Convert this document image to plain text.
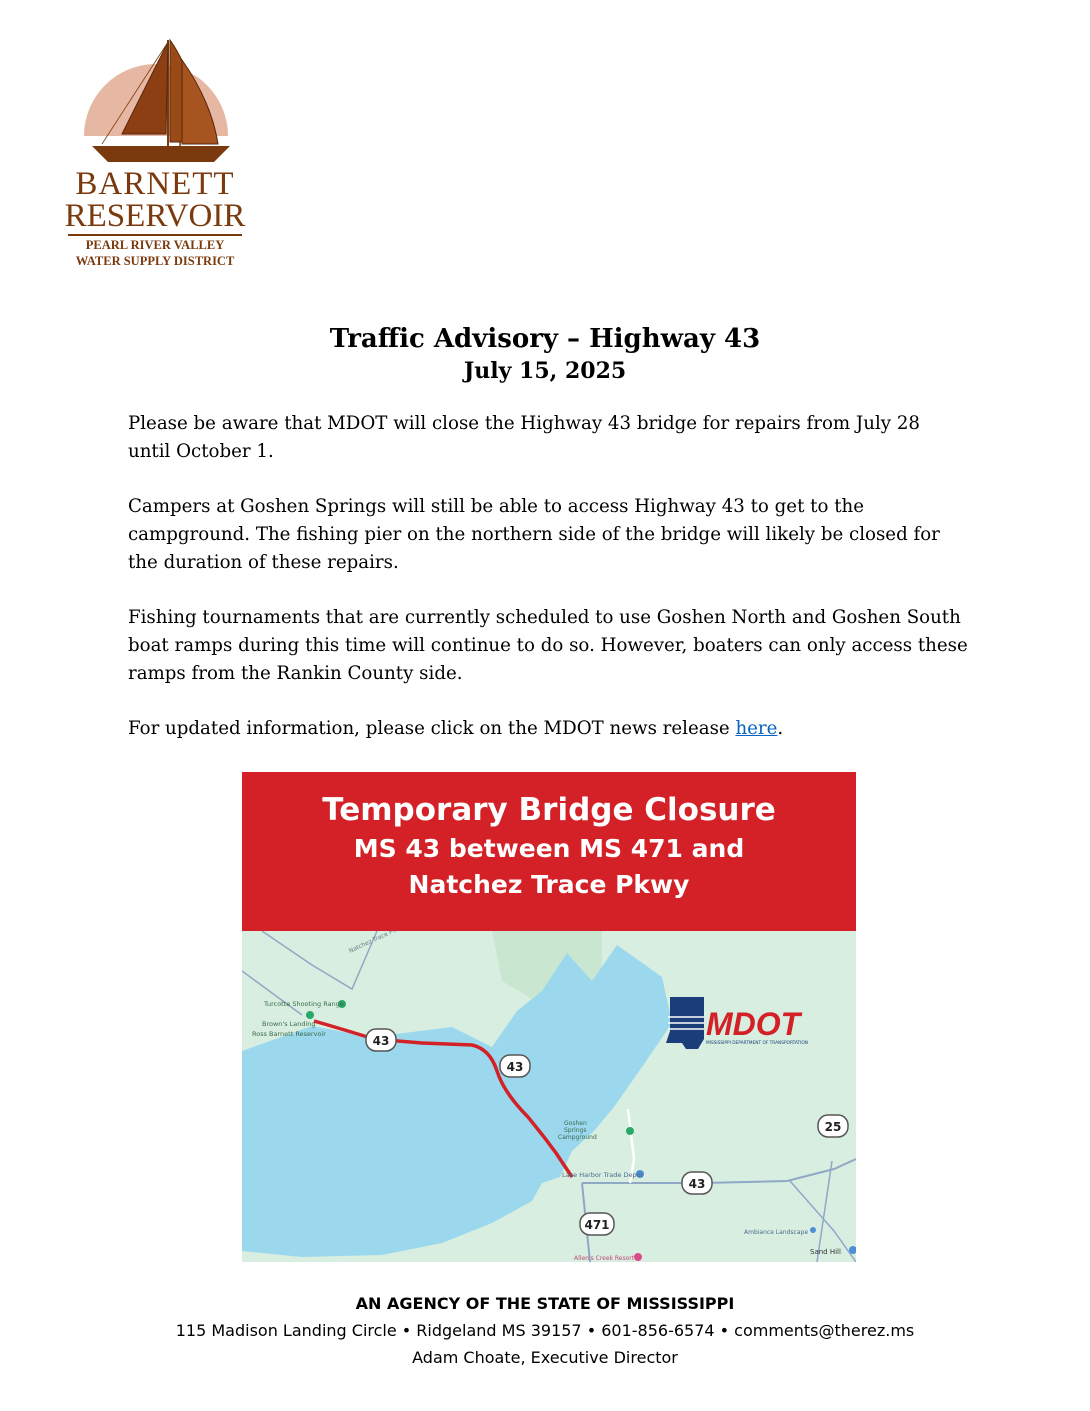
BARNETT
RESERVOIR
PEARL RIVER VALLEY
WATER SUPPLY DISTRICT
Traffic Advisory – Highway 43
July 15, 2025

Please be aware that MDOT will close the Highway 43 bridge for repairs from July 28 until October 1.

Campers at Goshen Springs will still be able to access Highway 43 to get to the campground. The fishing pier on the northern side of the bridge will likely be closed for the duration of these repairs.

Fishing tournaments that are currently scheduled to use Goshen North and Goshen South boat ramps during this time will continue to do so. However, boaters can only access these ramps from the Rankin County side.

For updated information, please click on the MDOT news release here.

Temporary Bridge Closure
MS 43 between MS 471 and
Natchez Trace Pkwy
Turcotte Shooting Range
Brown's Landing
Ross Barnett Reservoir
Goshen
Springs
Campground
Lake Harbor Trade Depot
Ambiance Landscape
Allen's Creek Resort
Sand Hill
MDOT
MISSISSIPPI DEPARTMENT OF TRANSPORTATION
43
43
43
471
25
AN AGENCY OF THE STATE OF MISSISSIPPI
115 Madison Landing Circle • Ridgeland MS 39157 • 601-856-6574 • comments@therez.ms
Adam Choate, Executive Director
